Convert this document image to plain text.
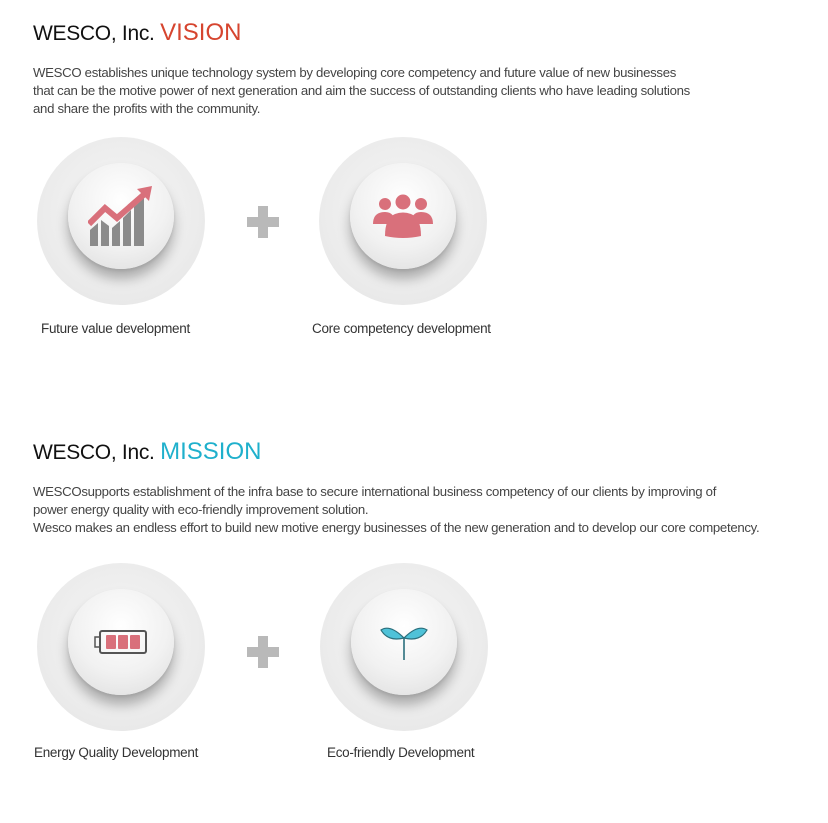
WESCO, Inc. VISION

WESCO establishes unique technology system by developing core competency and future value of new businesses
that can be the motive power of next generation and aim the success of outstanding clients who have leading solutions
and share the profits with the community.

Future value development	Core competency development

WESCO, Inc. MISSION

WESCOsupports establishment of the infra base to secure international business competency of our clients by improving of
power energy quality with eco-friendly improvement solution.
Wesco makes an endless effort to build new motive energy businesses of the new generation and to develop our core competency.

Energy Quality Development	Eco-friendly Development
